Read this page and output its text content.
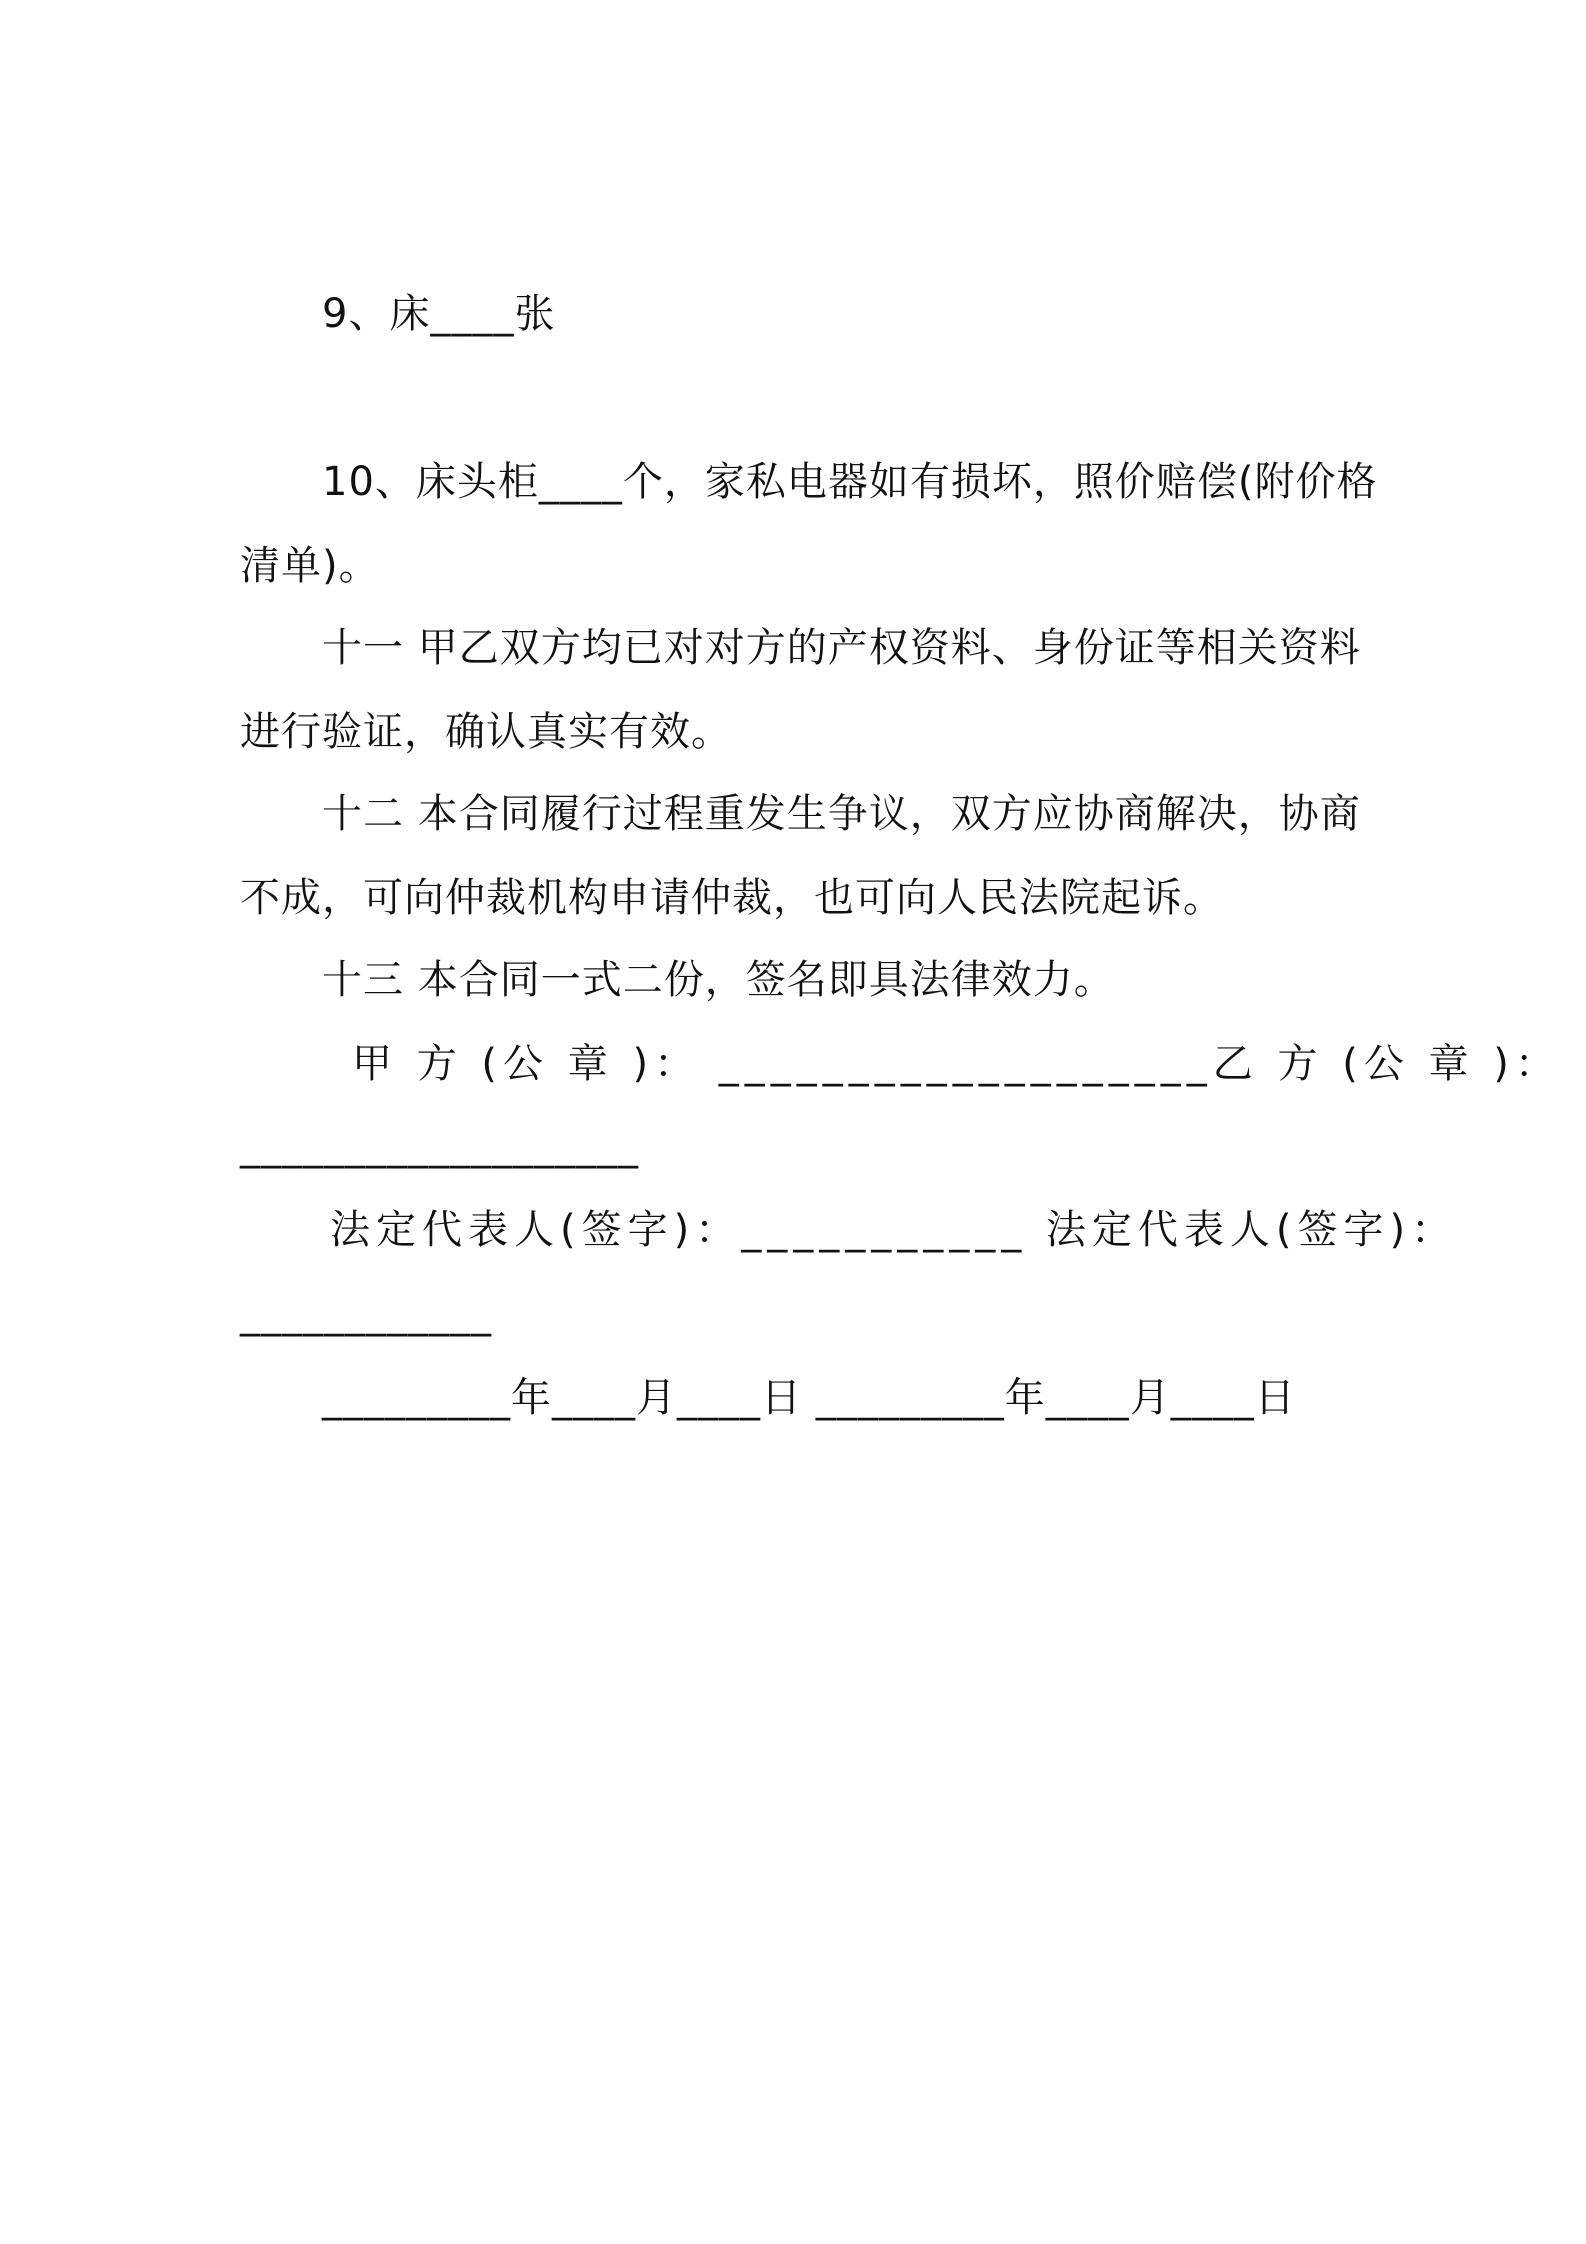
9、床____张
10、床头柜____个，家私电器如有损坏，照价赔偿(附价格
清单)。
十一 甲乙双方均已对对方的产权资料、身份证等相关资料
进行验证，确认真实有效。
十二 本合同履行过程重发生争议，双方应协商解决，协商
不成，可向仲裁机构申请仲裁，也可向人民法院起诉。
十三 本合同一式二份，签名即具法律效力。
甲 方 (公 章 )： ___________________乙 方 (公 章 )：
___________________
法定代表人(签字)：___________ 法定代表人(签字)：
____________
_________年____月____日 _________年____月____日
